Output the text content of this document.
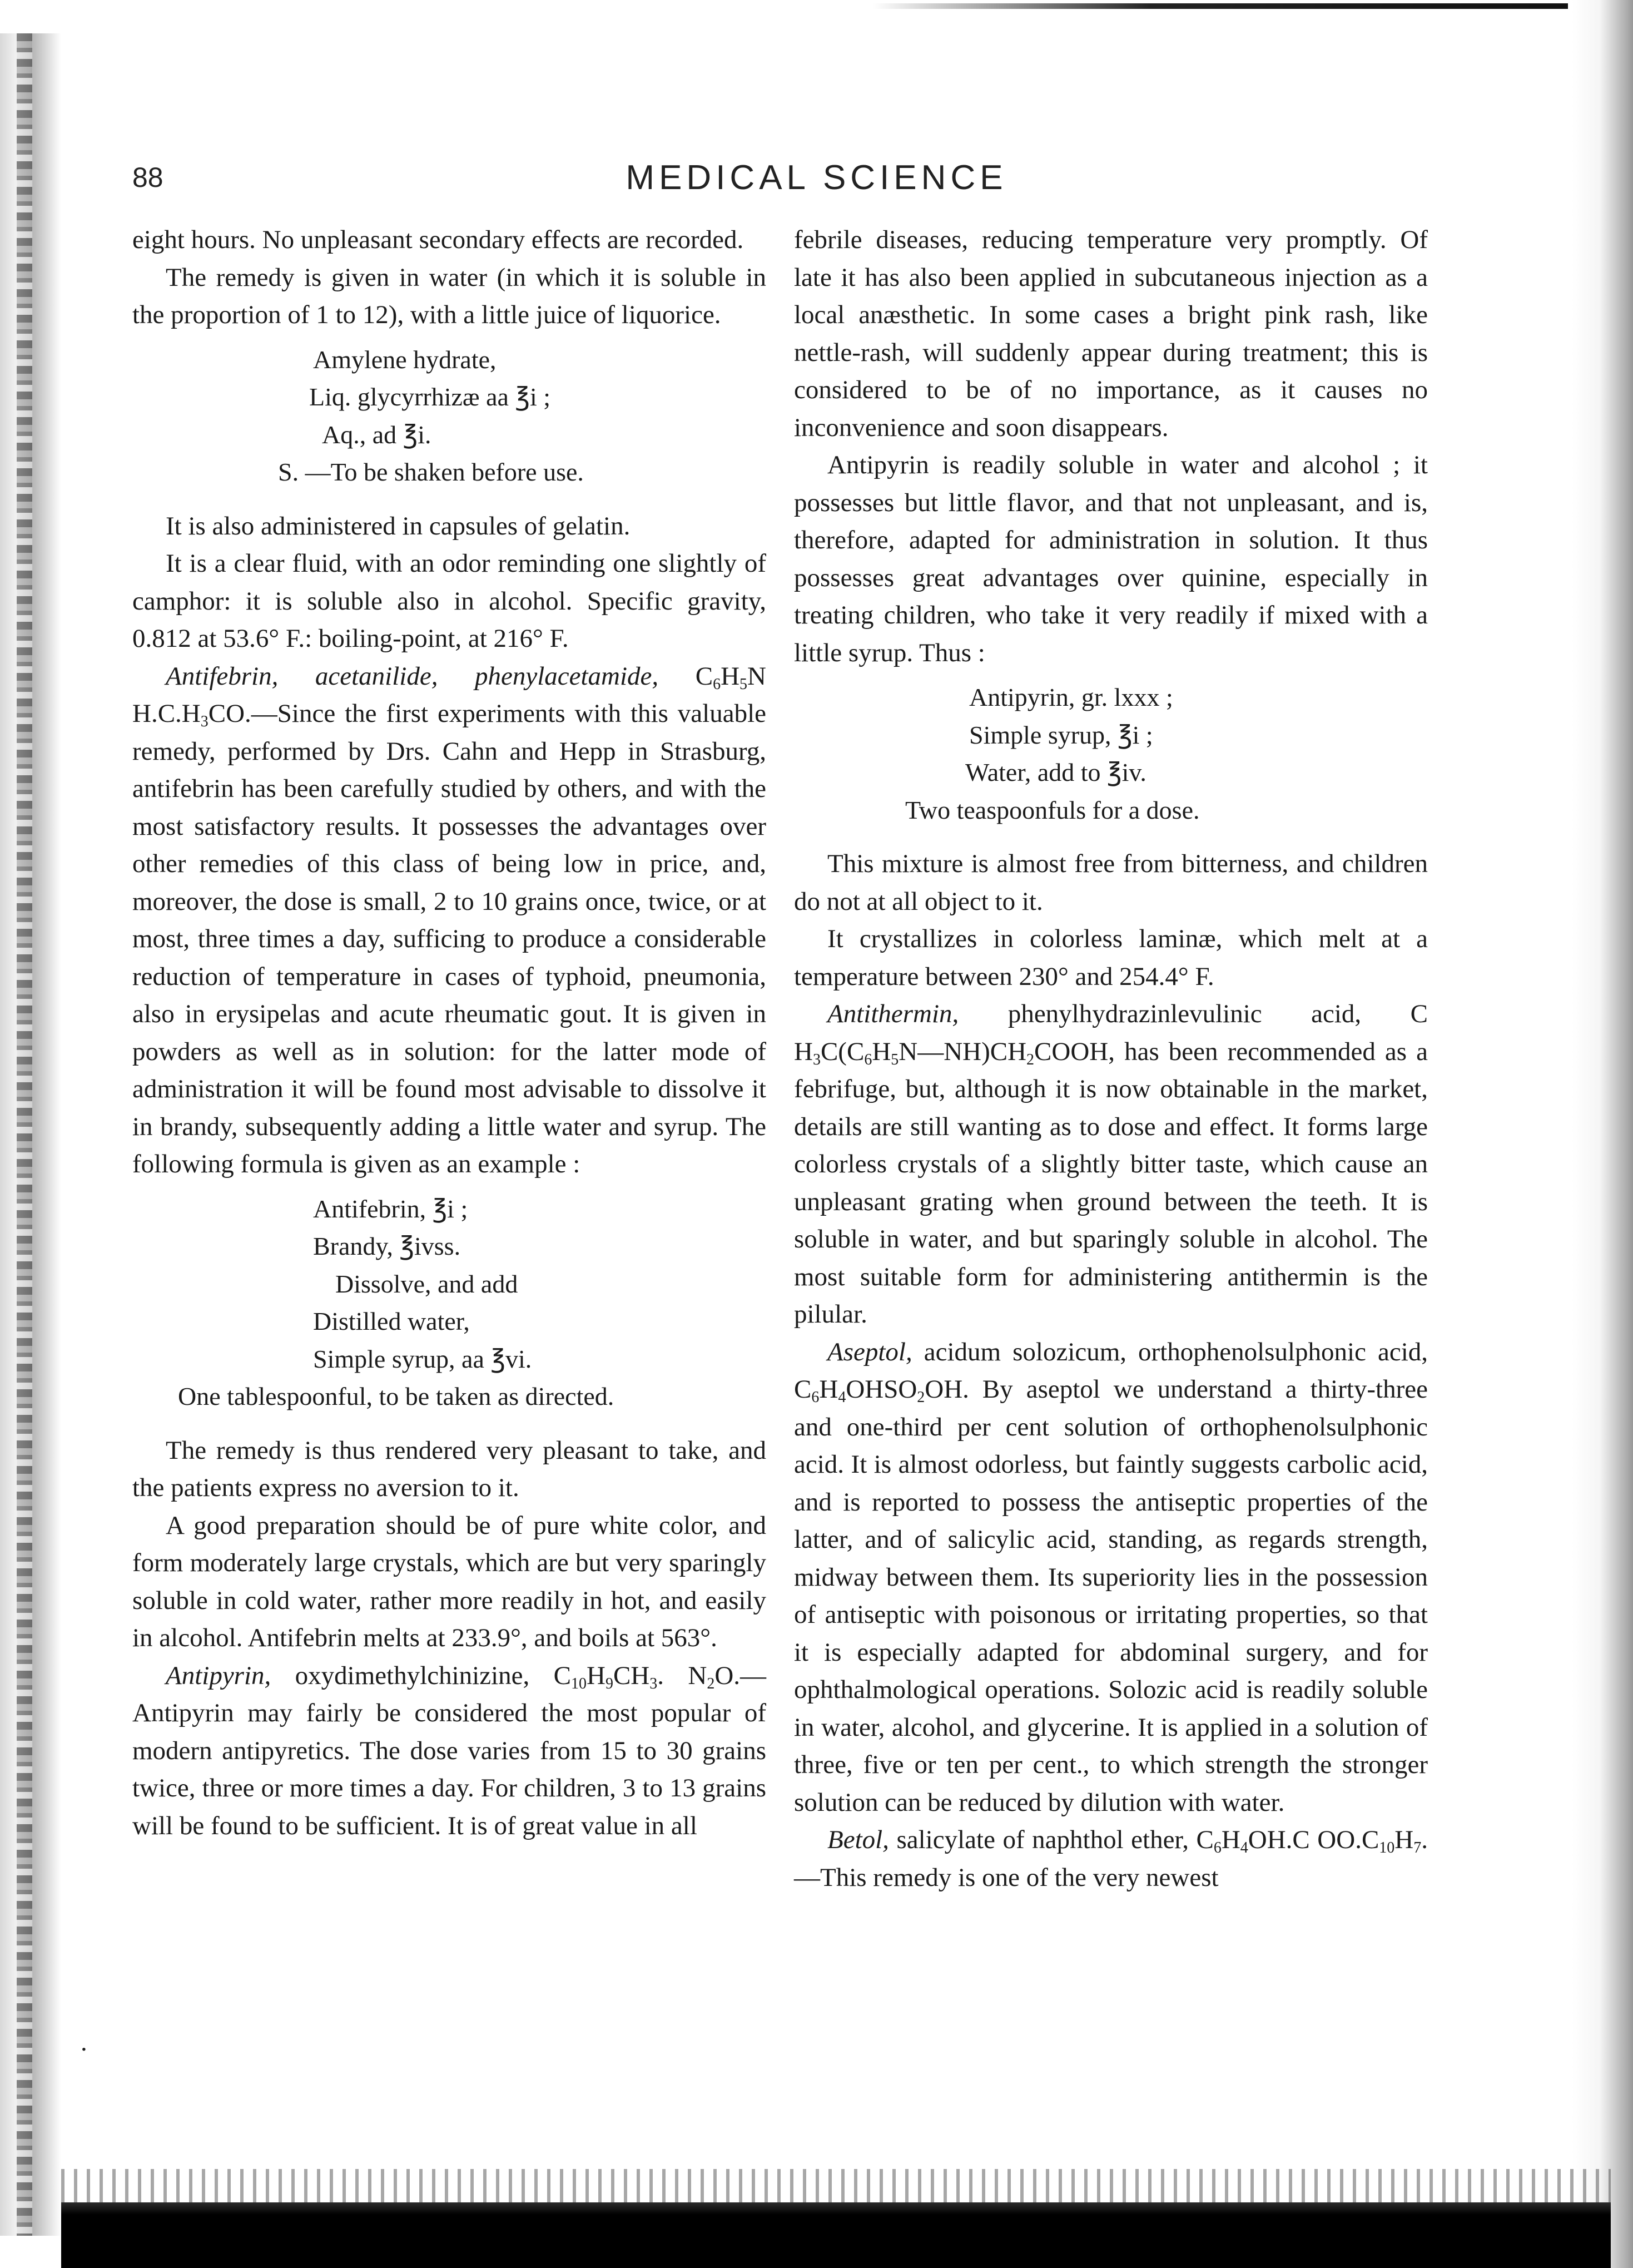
88	MEDICAL SCIENCE
.

eight hours. No unpleasant secondary effects are recorded.

The remedy is given in water (in which it is soluble in the proportion of 1 to 12), with a little juice of liquorice.

Amylene hydrate,
Liq. glycyrrhizæ aa ℥i ;
Aq., ad ℥i.
S. —To be shaken before use.

It is also administered in capsules of gelatin.

It is a clear fluid, with an odor reminding one slightly of camphor: it is soluble also in alcohol. Specific gravity, 0.812 at 53.6° F.: boiling-point, at 216° F.

Antifebrin, acetanilide, phenylacetamide, $C_6H_5N$ $H.C.H_3CO.—Since$ the first experiments with this valuable remedy, performed by Drs. Cahn and Hepp in Strasburg, antifebrin has been carefully studied by others, and with the most satisfactory results. It possesses the advantages over other remedies of this class of being low in price, and, moreover, the dose is small, 2 to 10 grains once, twice, or at most, three times a day, sufficing to produce a considerable reduction of temperature in cases of typhoid, pneumonia, also in erysipelas and acute rheumatic gout. It is given in powders as well as in solution: for the latter mode of administration it will be found most advisable to dissolve it in brandy, subsequently adding a little water and syrup. The following formula is given as an example :

Antifebrin, ℥i ;
Brandy, ℥ivss.
Dissolve, and add
Distilled water,
Simple syrup, aa ℥vi.
One tablespoonful, to be taken as directed.

The remedy is thus rendered very pleasant to take, and the patients express no aversion to it.

A good preparation should be of pure white color, and form moderately large crystals, which are but very sparingly soluble in cold water, rather more readily in hot, and easily in alcohol. Antifebrin melts at 233.9°, and boils at 563°.

Antipyrin, oxydimethylchinizine, $C_{10}H_9CH_3$. $N_2O.—Antipyrin$ may fairly be considered the most popular of modern antipyretics. The dose varies from 15 to 30 grains twice, three or more times a day. For children, 3 to 13 grains will be found to be sufficient. It is of great value in all

febrile diseases, reducing temperature very promptly. Of late it has also been applied in subcutaneous injection as a local anæsthetic. In some cases a bright pink rash, like nettle-rash, will suddenly appear during treatment; this is considered to be of no importance, as it causes no inconvenience and soon disappears.

Antipyrin is readily soluble in water and alcohol ; it possesses but little flavor, and that not unpleasant, and is, therefore, adapted for administration in solution. It thus possesses great advantages over quinine, especially in treating children, who take it very readily if mixed with a little syrup. Thus :

Antipyrin, gr. lxxx ;
Simple syrup, ℥i ;
Water, add to ℥iv.
Two teaspoonfuls for a dose.

This mixture is almost free from bitterness, and children do not at all object to it.

It crystallizes in colorless laminæ, which melt at a temperature between 230° and 254.4° F.

Antithermin, phenylhydrazinlevulinic acid, C $H_3C(C_6H_5N—NH)CH_2COOH$, has been recommended as a febrifuge, but, although it is now obtainable in the market, details are still wanting as to dose and effect. It forms large colorless crystals of a slightly bitter taste, which cause an unpleasant grating when ground between the teeth. It is soluble in water, and but sparingly soluble in alcohol. The most suitable form for administering antithermin is the pilular.

Aseptol, acidum solozicum, orthophenolsulphonic acid, $C_6H_4OHSO_2OH$. By aseptol we understand a thirty-three and one-third per cent solution of orthophenolsulphonic acid. It is almost odorless, but faintly suggests carbolic acid, and is reported to possess the antiseptic properties of the latter, and of salicylic acid, standing, as regards strength, midway between them. Its superiority lies in the possession of antiseptic with poisonous or irritating properties, so that it is especially adapted for abdominal surgery, and for ophthalmological operations. Solozic acid is readily soluble in water, alcohol, and glycerine. It is applied in a solution of three, five or ten per cent., to which strength the stronger solution can be reduced by dilution with water.

Betol, salicylate of naphthol ether, $C_6H_4OH.C$ $OO.C_{10}H_7.—This$ remedy is one of the very newest
